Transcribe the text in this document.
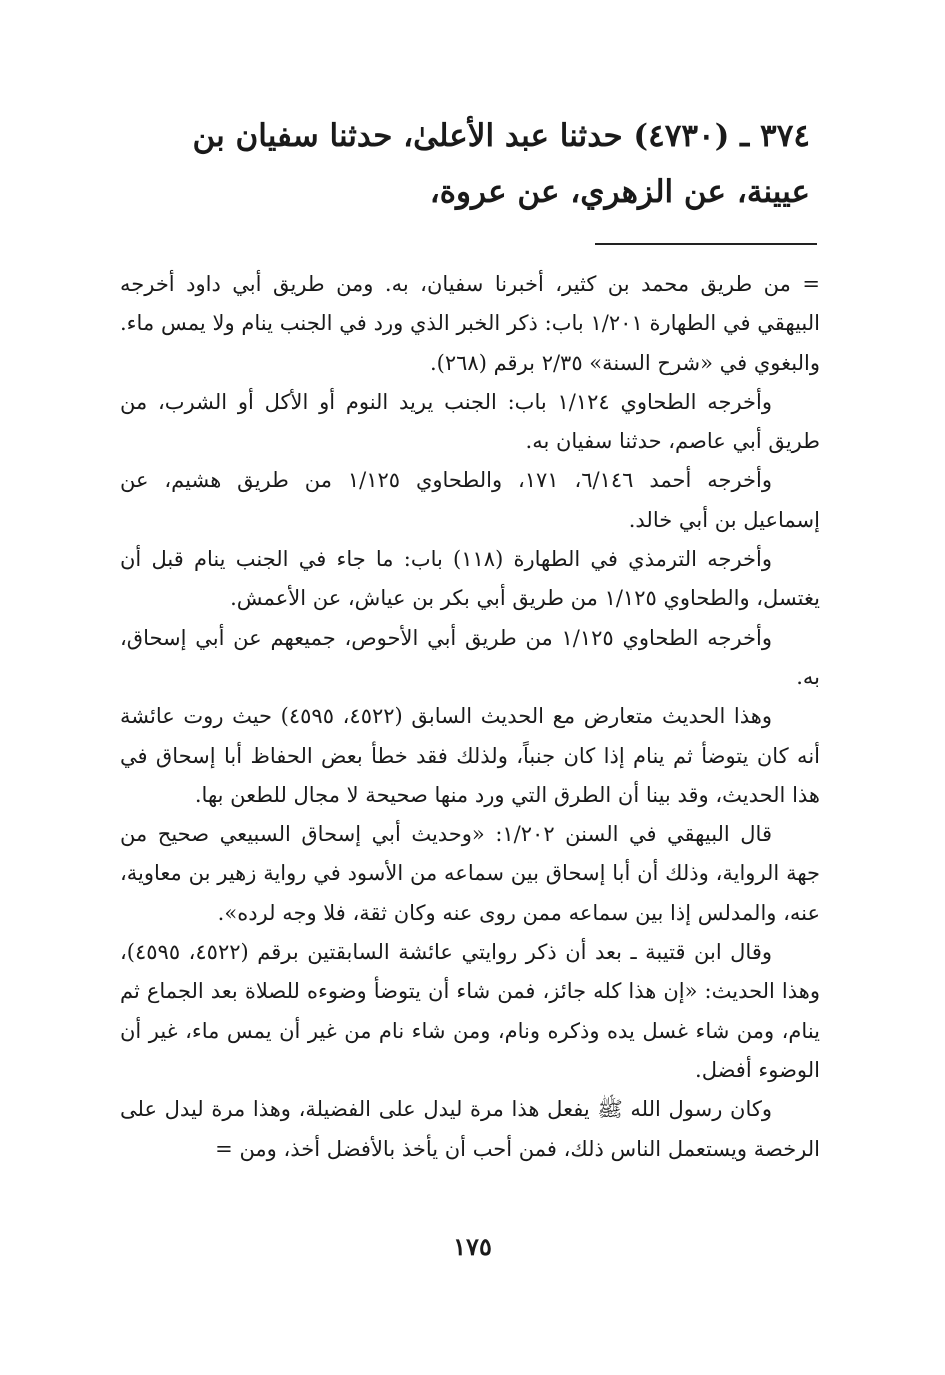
٣٧٤ ـ (٤٧٣٠) حدثنا عبد الأعلىٰ، حدثنا سفيان بن

عيينة، عن الزهري، عن عروة،

= من طريق محمد بن كثير، أخبرنا سفيان، به. ومن طريق أبي داود أخرجه البيهقي في الطهارة ١/٢٠١ باب: ذكر الخبر الذي ورد في الجنب ينام ولا يمس ماء. والبغوي في «شرح السنة» ٢/٣٥ برقم (٢٦٨).

وأخرجه الطحاوي ١/١٢٤ باب: الجنب يريد النوم أو الأكل أو الشرب، من طريق أبي عاصم، حدثنا سفيان به.

وأخرجه أحمد ٦/١٤٦، ١٧١، والطحاوي ١/١٢٥ من طريق هشيم، عن إسماعيل بن أبي خالد.

وأخرجه الترمذي في الطهارة (١١٨) باب: ما جاء في الجنب ينام قبل أن يغتسل، والطحاوي ١/١٢٥ من طريق أبي بكر بن عياش، عن الأعمش.

وأخرجه الطحاوي ١/١٢٥ من طريق أبي الأحوص، جميعهم عن أبي إسحاق، به.

وهذا الحديث متعارض مع الحديث السابق (٤٥٢٢، ٤٥٩٥) حيث روت عائشة أنه كان يتوضأ ثم ينام إذا كان جنباً، ولذلك فقد خطأ بعض الحفاظ أبا إسحاق في هذا الحديث، وقد بينا أن الطرق التي ورد منها صحيحة لا مجال للطعن بها.

قال البيهقي في السنن ١/٢٠٢: «وحديث أبي إسحاق السبيعي صحيح من جهة الرواية، وذلك أن أبا إسحاق بين سماعه من الأسود في رواية زهير بن معاوية، عنه، والمدلس إذا بين سماعه ممن روى عنه وكان ثقة، فلا وجه لرده».

وقال ابن قتيبة ـ بعد أن ذكر روايتي عائشة السابقتين برقم (٤٥٢٢، ٤٥٩٥)، وهذا الحديث: «إن هذا كله جائز، فمن شاء أن يتوضأ وضوءه للصلاة بعد الجماع ثم ينام، ومن شاء غسل يده وذكره ونام، ومن شاء نام من غير أن يمس ماء، غير أن الوضوء أفضل.

وكان رسول الله ﷺ يفعل هذا مرة ليدل على الفضيلة، وهذا مرة ليدل على الرخصة ويستعمل الناس ذلك، فمن أحب أن يأخذ بالأفضل أخذ، ومن =

١٧٥
